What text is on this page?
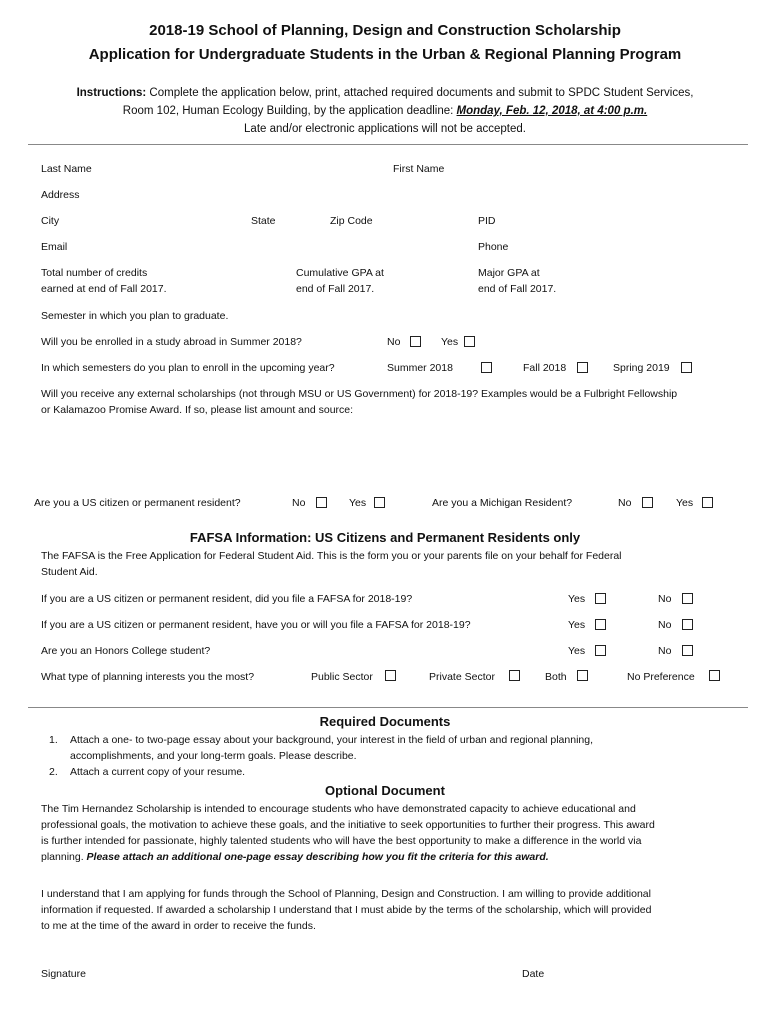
2018-19 School of Planning, Design and Construction Scholarship
Application for Undergraduate Students in the Urban & Regional Planning Program
Instructions: Complete the application below, print, attached required documents and submit to SPDC Student Services,
Room 102, Human Ecology Building, by the application deadline: Monday, Feb. 12, 2018, at 4:00 p.m.
Late and/or electronic applications will not be accepted.
Last Name	First Name
Address
City	State	Zip Code	PID
Email	Phone
Total number of credits
earned at end of Fall 2017.
Cumulative GPA at
end of Fall 2017.
Major GPA at
end of Fall 2017.
Semester in which you plan to graduate.
Will you be enrolled in a study abroad in Summer 2018?	No	Yes
In which semesters do you plan to enroll in the upcoming year?	Summer 2018	Fall 2018	Spring 2019
Will you receive any external scholarships (not through MSU or US Government) for 2018-19? Examples would be a Fulbright Fellowship
or Kalamazoo Promise Award. If so, please list amount and source:
Are you a US citizen or permanent resident?	No	Yes	Are you a Michigan Resident?	No	Yes
FAFSA Information: US Citizens and Permanent Residents only
The FAFSA is the Free Application for Federal Student Aid. This is the form you or your parents file on your behalf for Federal
Student Aid.
If you are a US citizen or permanent resident, did you file a FAFSA for 2018-19?	Yes	No
If you are a US citizen or permanent resident, have you or will you file a FAFSA for 2018-19?	Yes	No
Are you an Honors College student?	Yes	No
What type of planning interests you the most?	Public Sector	Private Sector	Both	No Preference
Required Documents
1. Attach a one- to two-page essay about your background, your interest in the field of urban and regional planning,
accomplishments, and your long-term goals. Please describe.
2. Attach a current copy of your resume.
Optional Document
The Tim Hernandez Scholarship is intended to encourage students who have demonstrated capacity to achieve educational and
professional goals, the motivation to achieve these goals, and the initiative to seek opportunities to further their progress. This award
is further intended for passionate, highly talented students who will have the best opportunity to make a difference in the world via
planning. Please attach an additional one-page essay describing how you fit the criteria for this award.
I understand that I am applying for funds through the School of Planning, Design and Construction. I am willing to provide additional
information if requested. If awarded a scholarship I understand that I must abide by the terms of the scholarship, which will provided
to me at the time of the award in order to receive the funds.
Signature	Date
